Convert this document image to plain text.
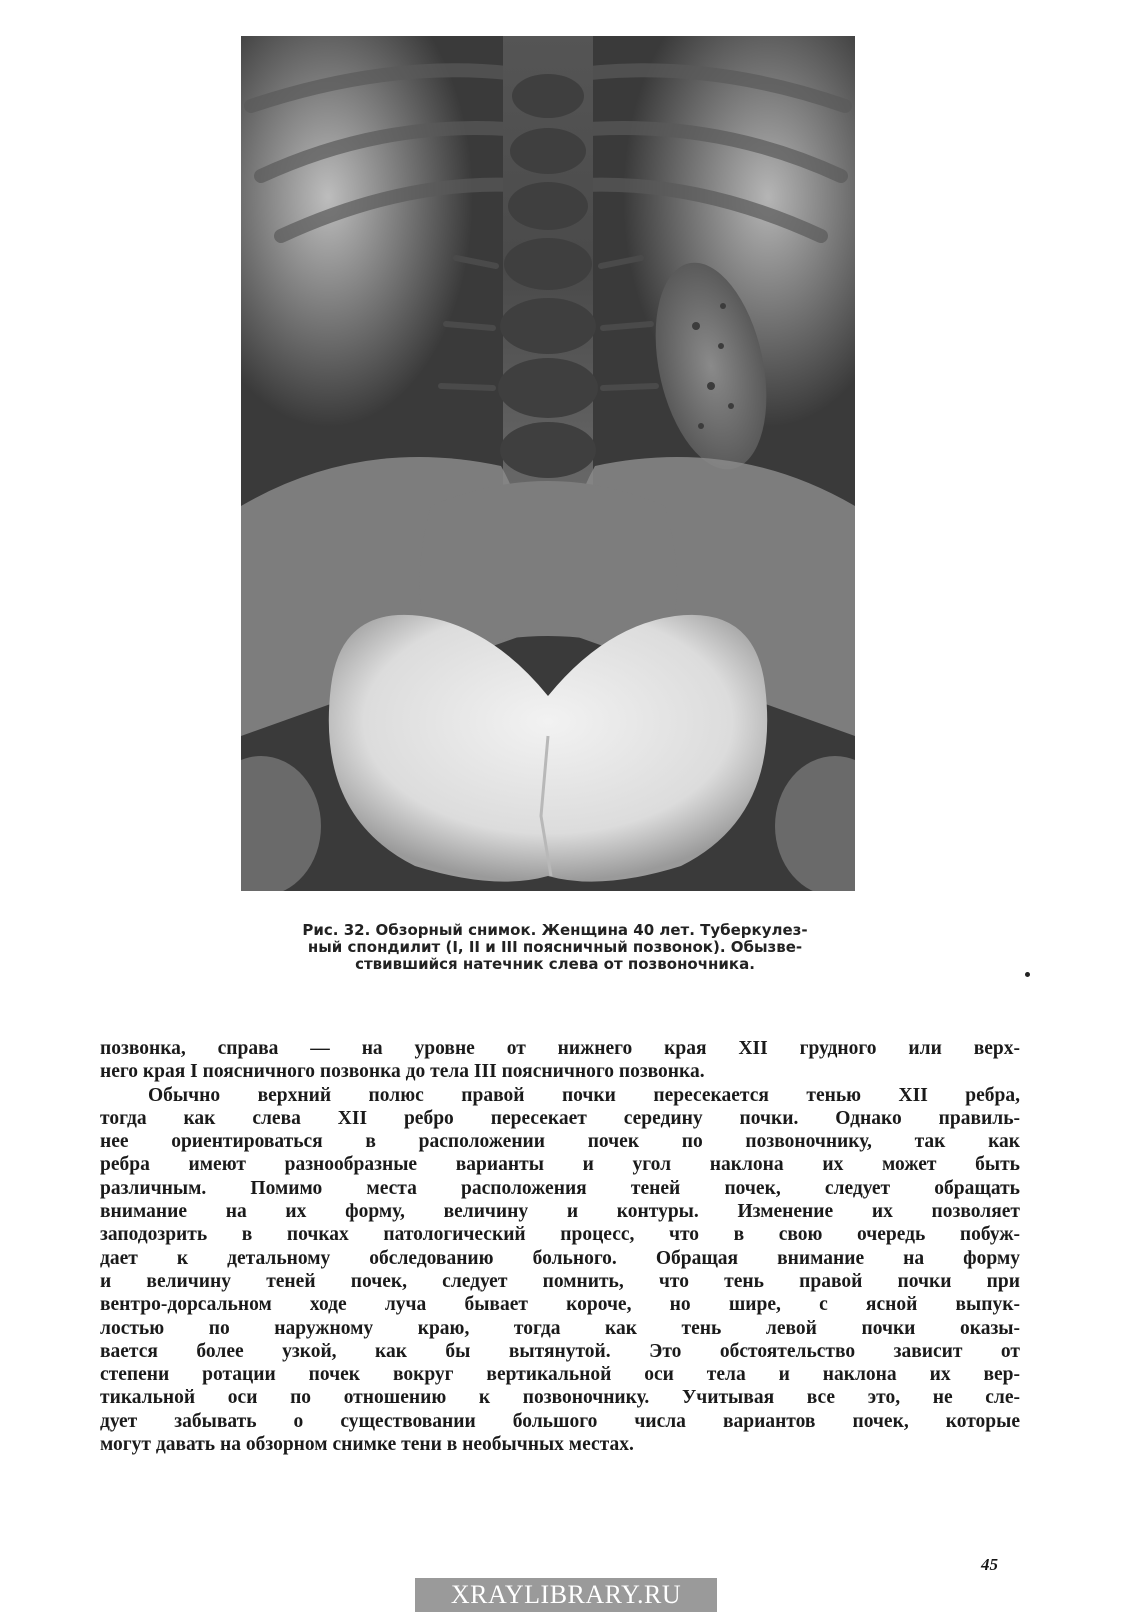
Рис. 32. Обзорный снимок. Женщина 40 лет. Туберкулез-
ный спондилит (I, II и III поясничный позвонок). Обызве-
ствившийся натечник слева от позвоночника.
позвонка, справа — на уровне от нижнего края XII грудного или верх-
него края I поясничного позвонка до тела III поясничного позвонка.
Обычно верхний полюс правой почки пересекается тенью XII ребра,
тогда как слева XII ребро пересекает середину почки. Однако правиль-
нее ориентироваться в расположении почек по позвоночнику, так как
ребра имеют разнообразные варианты и угол наклона их может быть
различным. Помимо места расположения теней почек, следует обращать
внимание на их форму, величину и контуры. Изменение их позволяет
заподозрить в почках патологический процесс, что в свою очередь побуж-
дает к детальному обследованию больного. Обращая внимание на форму
и величину теней почек, следует помнить, что тень правой почки при
вентро-дорсальном ходе луча бывает короче, но шире, с ясной выпук-
лостью по наружному краю, тогда как тень левой почки оказы-
вается более узкой, как бы вытянутой. Это обстоятельство зависит от
степени ротации почек вокруг вертикальной оси тела и наклона их вер-
тикальной оси по отношению к позвоночнику. Учитывая все это, не сле-
дует забывать о существовании большого числа вариантов почек, которые
могут давать на обзорном снимке тени в необычных местах.
45
XRAYLIBRARY.RU
